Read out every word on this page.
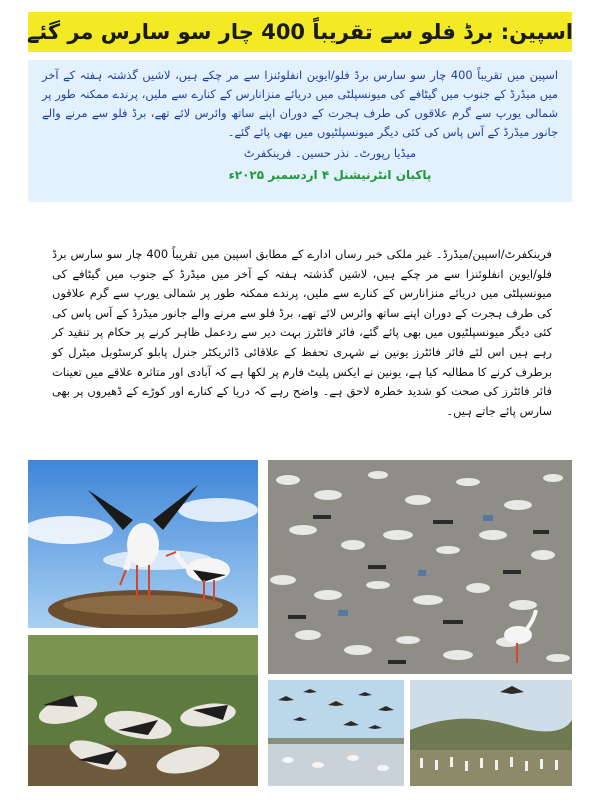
اسپین: برڈ فلو سے تقریباً 400 چار سو سارس مر گئے

اسپین میں تقریباً 400 چار سو سارس برڈ فلو/ایوین انفلوئنزا سے مر چکے ہیں، لاشیں گذشتہ ہفتہ کے آخر میں میڈرڈ کے جنوب میں گیٹافے کی میونسپلٹی میں دریائے منزانارس کے کنارے سے ملیں، پرندے ممکنہ طور پر شمالی یورپ سے گرم علاقوں کی طرف ہجرت کے دوران اپنے ساتھ وائرس لائے تھے، برڈ فلو سے مرنے والے جانور میڈرڈ کے آس پاس کی کئی دیگر میونسپلٹیوں میں بھی پائے گئے۔

میڈیا رپورٹ۔ نذر حسین۔ فرینکفرٹ

پاکبان انٹرنیشنل ۴ اردسمبر ۲۰۲۵ء

فرینکفرٹ/اسپین/میڈرڈ۔ غیر ملکی خبر رساں ادارے کے مطابق اسپین میں تقریباً 400 چار سو سارس برڈ فلو/ایوین انفلوئنزا سے مر چکے ہیں، لاشیں گذشتہ ہفتہ کے آخر میں میڈرڈ کے جنوب میں گیٹافے کی میونسپلٹی میں دریائے منزانارس کے کنارے سے ملیں، پرندے ممکنہ طور پر شمالی یورپ سے گرم علاقوں کی طرف ہجرت کے دوران اپنے ساتھ وائرس لائے تھے، برڈ فلو سے مرنے والے جانور میڈرڈ کے آس پاس کی کئی دیگر میونسپلٹیوں میں بھی پائے گئے، فائر فائٹرز بہت دیر سے ردعمل ظاہر کرنے پر حکام پر تنقید کر رہے ہیں اس لئے فائر فائٹرز یونین نے شہری تحفظ کے علاقائی ڈائریکٹر جنرل پابلو کرسٹوبل میٹرل کو برطرف کرنے کا مطالبہ کیا ہے، یونین نے ایکس پلیٹ فارم پر لکھا ہے کہ آبادی اور متاثرہ علاقے میں تعینات فائر فائٹرز کی صحت کو شدید خطرہ لاحق ہے۔ واضح رہے کہ دریا کے کنارے اور کوڑے کے ڈھیروں پر بھی سارس پائے جاتے ہیں۔
